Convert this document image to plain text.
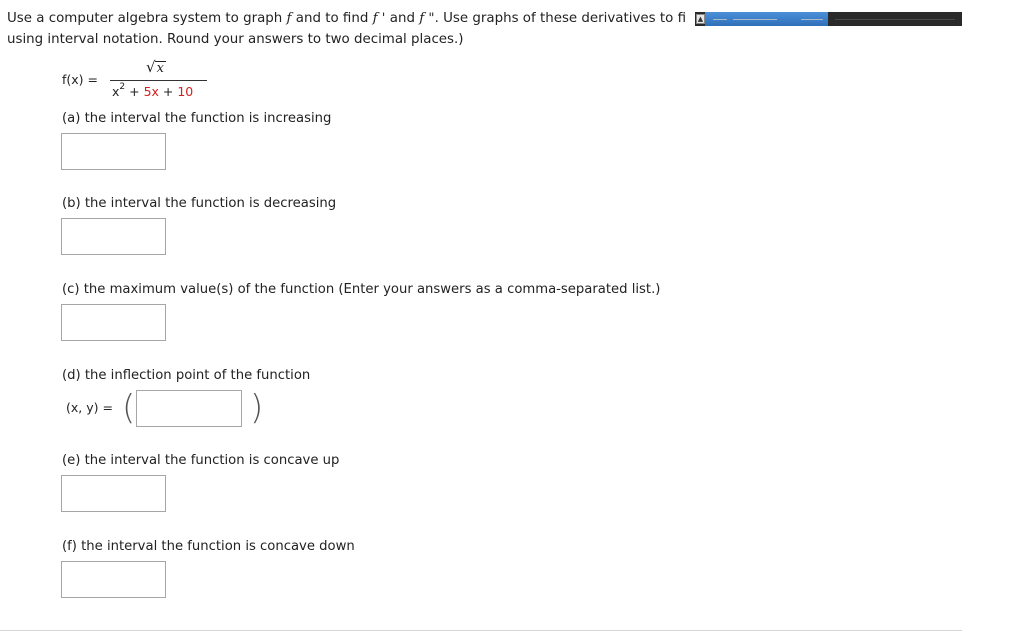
Use a computer algebra system to graph f and to find f ' and f ". Use graphs of these derivatives to fi
using interval notation. Round your answers to two decimal places.)
▲
f(x) =
√x
$x^2 + 5x + 10$
(a) the interval the function is increasing
(b) the interval the function is decreasing
(c) the maximum value(s) of the function (Enter your answers as a comma-separated list.)
(d) the inflection point of the function
(x, y) = (	)
(e) the interval the function is concave up
(f) the interval the function is concave down
